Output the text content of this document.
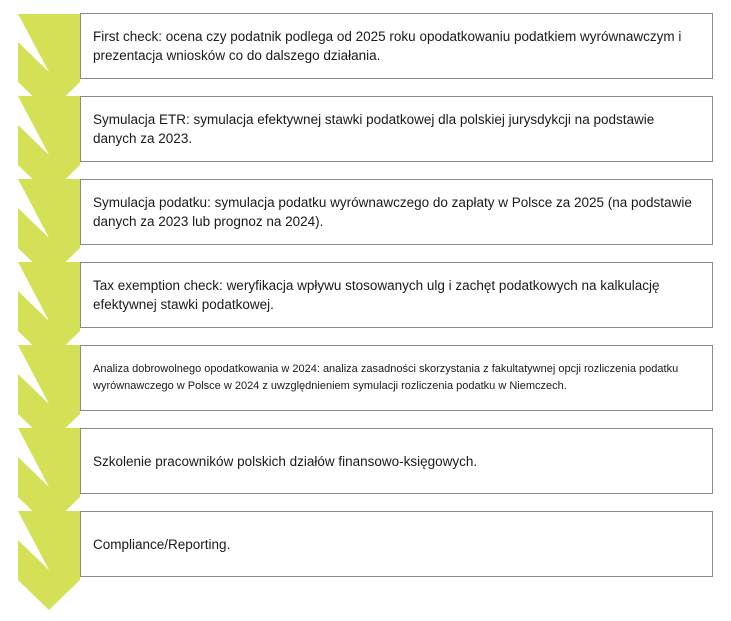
First check: ocena czy podatnik podlega od 2025 roku opodatkowaniu podatkiem wyrównawczym i prezentacja wniosków co do dalszego działania.
Symulacja ETR: symulacja efektywnej stawki podatkowej dla polskiej jurysdykcji na podstawie danych za 2023.
Symulacja podatku: symulacja podatku wyrównawczego do zapłaty w Polsce za 2025 (na podstawie danych za 2023 lub prognoz na 2024).
Tax exemption check: weryfikacja wpływu stosowanych ulg i zachęt podatkowych na kalkulację efektywnej stawki podatkowej.
Analiza dobrowolnego opodatkowania w 2024: analiza zasadności skorzystania z fakultatywnej opcji rozliczenia podatku wyrównawczego w Polsce w 2024 z uwzględnieniem symulacji rozliczenia podatku w Niemczech.
Szkolenie pracowników polskich działów finansowo-księgowych.
Compliance/Reporting.
